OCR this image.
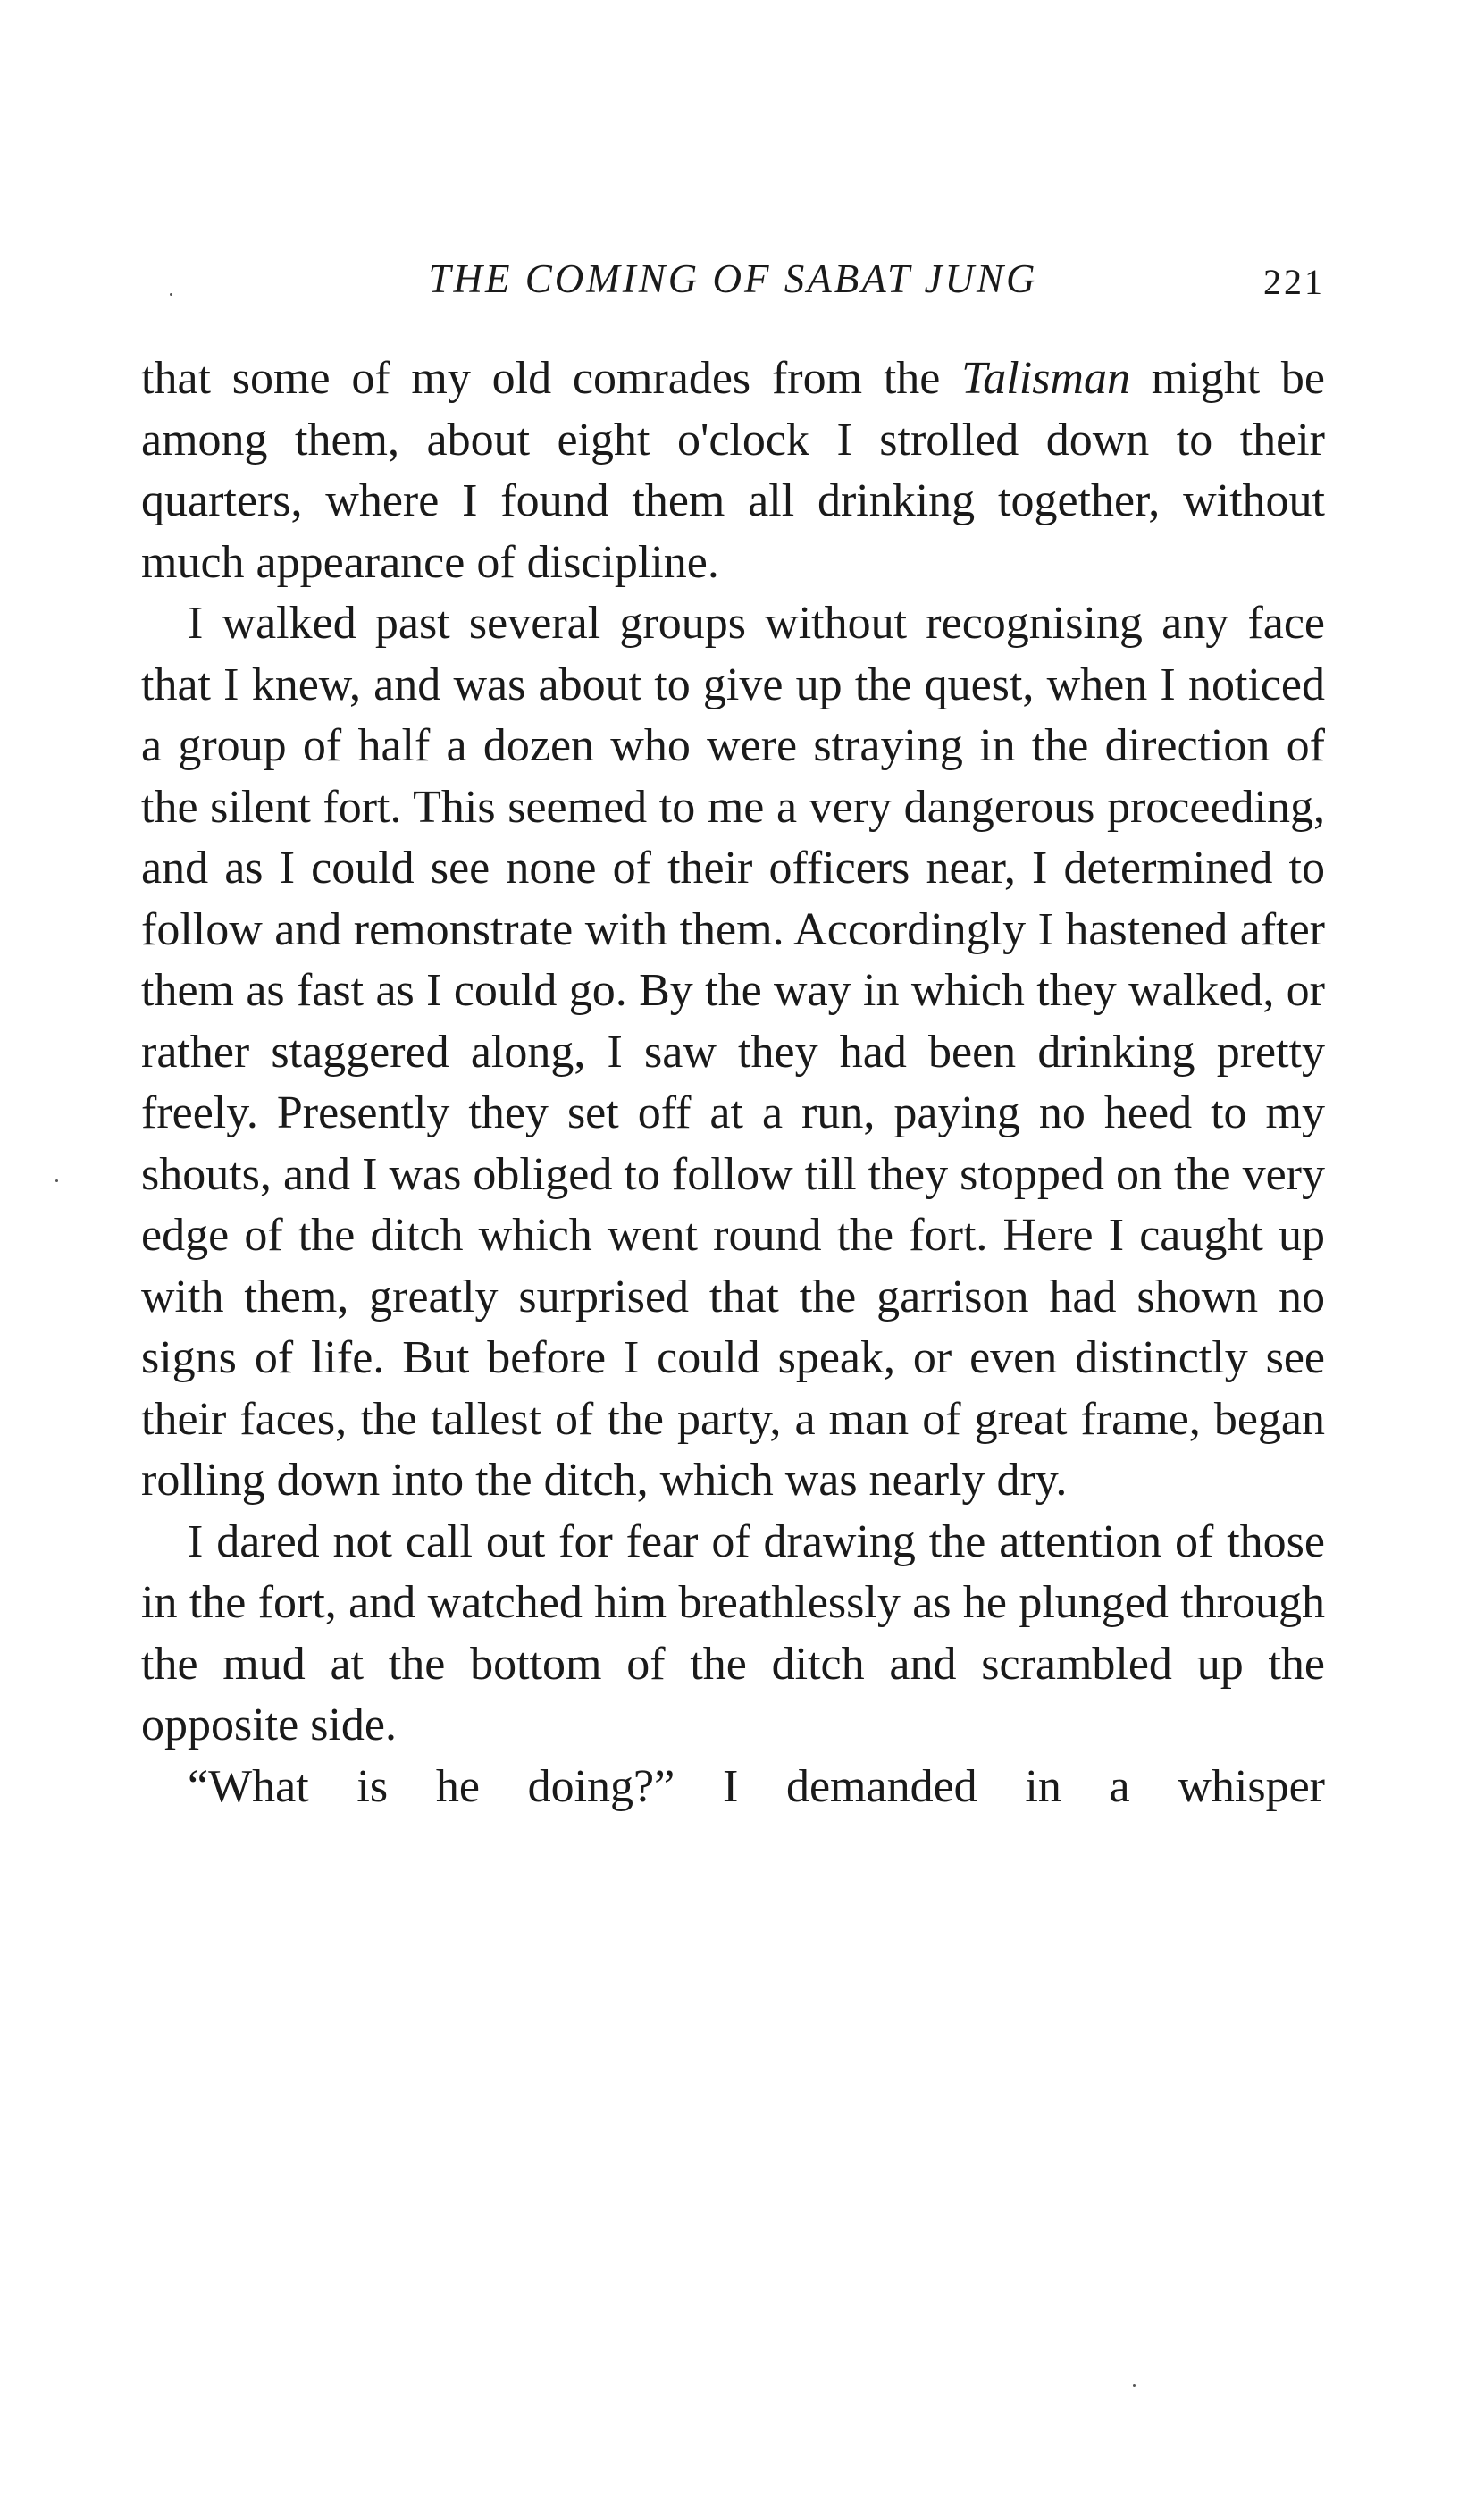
THE COMING OF SABAT JUNG	221

that some of my old comrades from the Talisman might be among them, about eight o'clock I strolled down to their quarters, where I found them all drinking together, without much appearance of discipline.

I walked past several groups without recognising any face that I knew, and was about to give up the quest, when I noticed a group of half a dozen who were straying in the direction of the silent fort. This seemed to me a very dangerous proceeding, and as I could see none of their officers near, I determined to follow and remonstrate with them. Accordingly I hastened after them as fast as I could go. By the way in which they walked, or rather staggered along, I saw they had been drinking pretty freely. Presently they set off at a run, paying no heed to my shouts, and I was obliged to follow till they stopped on the very edge of the ditch which went round the fort. Here I caught up with them, greatly surprised that the garrison had shown no signs of life. But before I could speak, or even distinctly see their faces, the tallest of the party, a man of great frame, began rolling down into the ditch, which was nearly dry.

I dared not call out for fear of drawing the attention of those in the fort, and watched him breathlessly as he plunged through the mud at the bottom of the ditch and scrambled up the opposite side.

“What is he doing?” I demanded in a whisper
